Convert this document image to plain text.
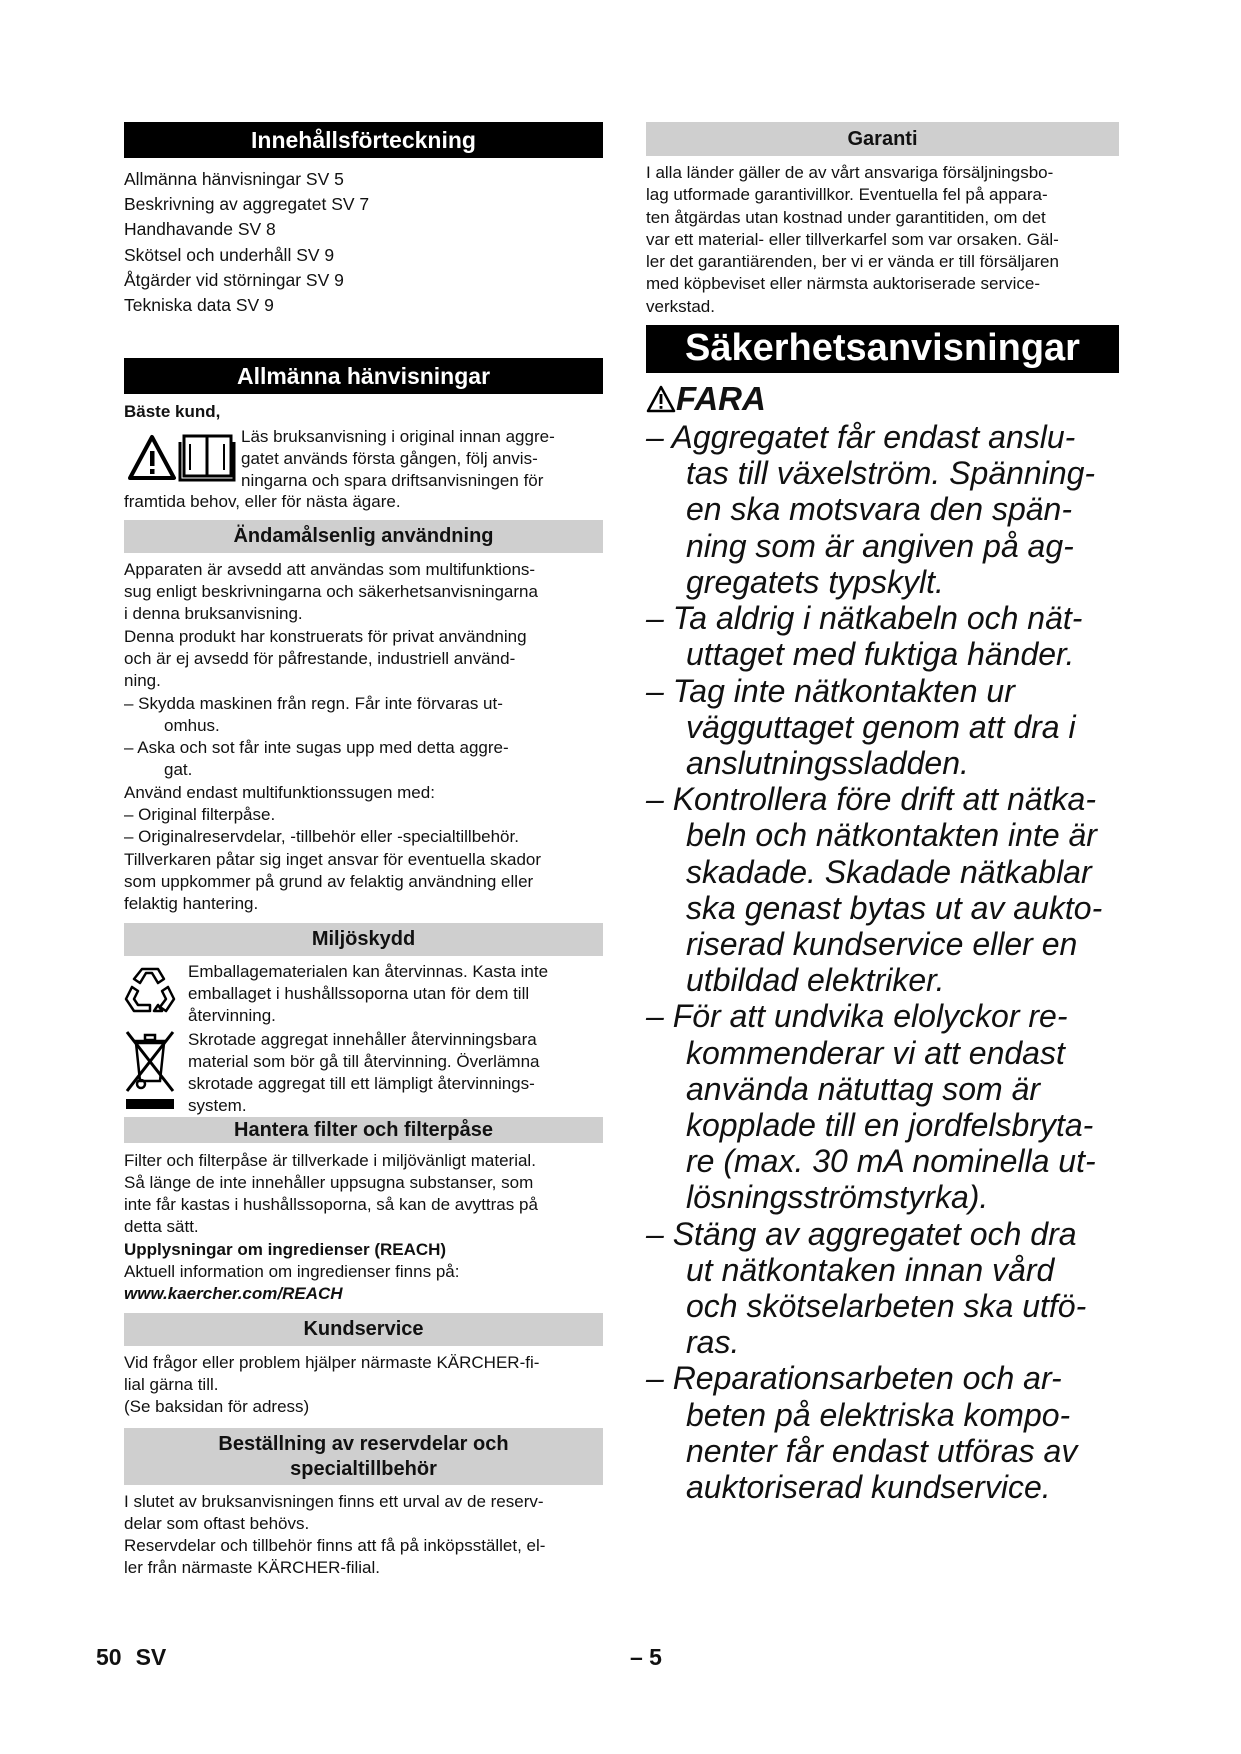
Innehållsförteckning
Allmänna hänvisningar SV 5
Beskrivning av aggregatet SV 7
Handhavande SV 8
Skötsel och underhåll SV 9
Åtgärder vid störningar SV 9
Tekniska data SV 9
Allmänna hänvisningar
Bäste kund,
Läs bruksanvisning i original innan aggre-
gatet används första gången, följ anvis-
ningarna och spara driftsanvisningen för
framtida behov, eller för nästa ägare.
Ändamålsenlig användning
Apparaten är avsedd att användas som multifunktions-
sug enligt beskrivningarna och säkerhetsanvisningarna
i denna bruksanvisning.
Denna produkt har konstruerats för privat användning
och är ej avsedd för påfrestande, industriell använd-
ning.
– Skydda maskinen från regn. Får inte förvaras ut-
omhus.
– Aska och sot får inte sugas upp med detta aggre-
gat.
Använd endast multifunktionssugen med:
– Original filterpåse.
– Originalreservdelar, -tillbehör eller -specialtillbehör.
Tillverkaren påtar sig inget ansvar för eventuella skador
som uppkommer på grund av felaktig användning eller
felaktig hantering.
Miljöskydd
Emballagematerialen kan återvinnas. Kasta inte
emballaget i hushållssoporna utan för dem till
återvinning.
Skrotade aggregat innehåller återvinningsbara
material som bör gå till återvinning. Överlämna
skrotade aggregat till ett lämpligt återvinnings-
system.
Hantera filter och filterpåse
Filter och filterpåse är tillverkade i miljövänligt material.
Så länge de inte innehåller uppsugna substanser, som
inte får kastas i hushållssoporna, så kan de avyttras på
detta sätt.
Upplysningar om ingredienser (REACH)
Aktuell information om ingredienser finns på:
www.kaercher.com/REACH
Kundservice
Vid frågor eller problem hjälper närmaste KÄRCHER-fi-
lial gärna till.
(Se baksidan för adress)
Beställning av reservdelar och
specialtillbehör
I slutet av bruksanvisningen finns ett urval av de reserv-
delar som oftast behövs.
Reservdelar och tillbehör finns att få på inköpsstället, el-
ler från närmaste KÄRCHER-filial.
Garanti
I alla länder gäller de av vårt ansvariga försäljningsbo-
lag utformade garantivillkor. Eventuella fel på appara-
ten åtgärdas utan kostnad under garantitiden, om det
var ett material- eller tillverkarfel som var orsaken. Gäl-
ler det garantiärenden, ber vi er vända er till försäljaren
med köpbeviset eller närmsta auktoriserade service-
verkstad.
Säkerhetsanvisningar
FARA
– Aggregatet får endast anslu-
tas till växelström. Spänning-
en ska motsvara den spän-
ning som är angiven på ag-
gregatets typskylt.
– Ta aldrig i nätkabeln och nät-
uttaget med fuktiga händer.
– Tag inte nätkontakten ur
vägguttaget genom att dra i
anslutningssladden.
– Kontrollera före drift att nätka-
beln och nätkontakten inte är
skadade. Skadade nätkablar
ska genast bytas ut av aukto-
riserad kundservice eller en
utbildad elektriker.
– För att undvika elolyckor re-
kommenderar vi att endast
använda nätuttag som är
kopplade till en jordfelsbryta-
re (max. 30 mA nominella ut-
lösningsströmstyrka).
– Stäng av aggregatet och dra
ut nätkontaken innan vård
och skötselarbeten ska utfö-
ras.
– Reparationsarbeten och ar-
beten på elektriska kompo-
nenter får endast utföras av
auktoriserad kundservice.
50 SV	– 5
